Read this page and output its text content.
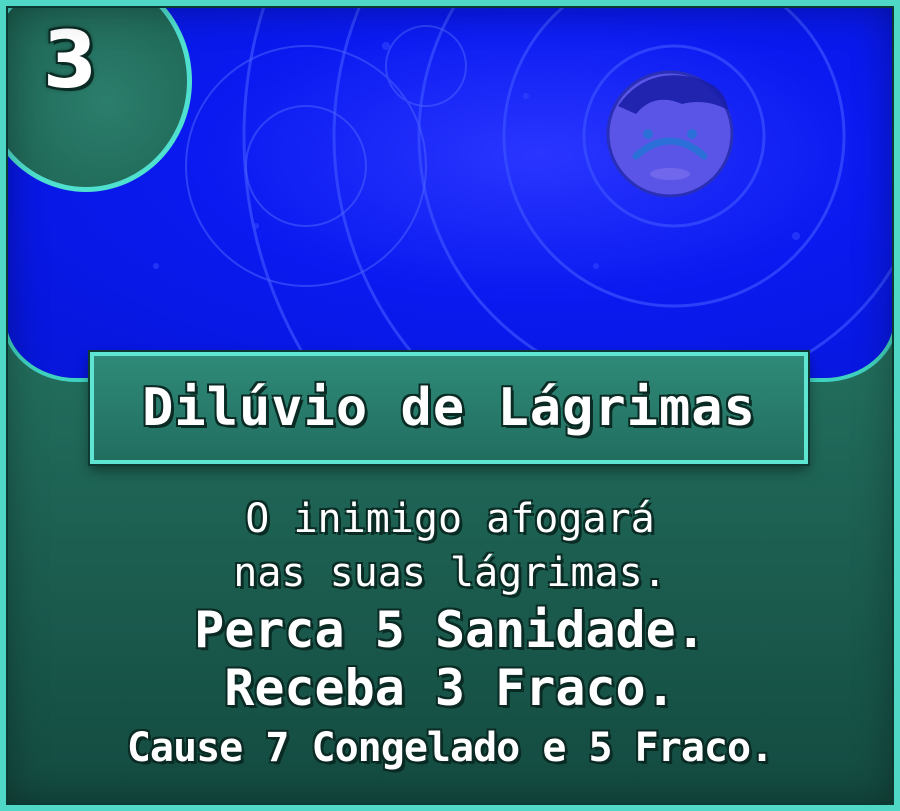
3
Dilúvio de Lágrimas
O inimigo afogará
nas suas lágrimas.
Perca 5 Sanidade.
Receba 3 Fraco.
Cause 7 Congelado e 5 Fraco.
